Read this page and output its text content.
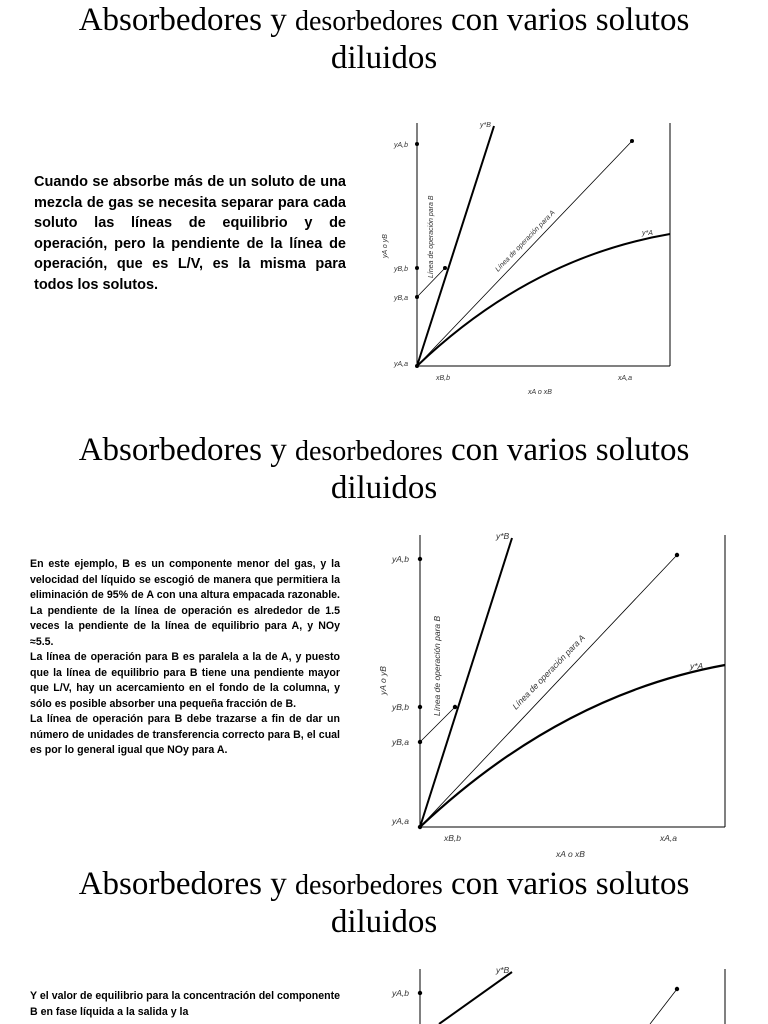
Absorbedores y desorbedores con varios solutos
diluidos

Cuando se absorbe más de un soluto de una mezcla de gas se necesita separar para cada soluto las líneas de equilibrio y de operación, pero la pendiente de la línea de operación, que es L/V, es la misma para todos los solutos.

yA,b
yB,b
yB,a
yA,a
xB,b	xA,a
xA o xB
yA o yB
y*B
y*A
Línea de operación para A
Línea de operación para B
Absorbedores y desorbedores con varios solutos
diluidos

En este ejemplo, B es un componente menor del gas, y la velocidad del líquido se escogió de manera que permitiera la eliminación de 95% de A con una altura empacada razonable. La pendiente de la línea de operación es alrededor de 1.5 veces la pendiente de la línea de equilibrio para A, y NOy ≈5.5.

La línea de operación para B es paralela a la de A, y puesto que la línea de equilibrio para B tiene una pendiente mayor que L/V, hay un acercamiento en el fondo de la columna, y sólo es posible absorber una pequeña fracción de B.

La línea de operación para B debe trazarse a fin de dar un número de unidades de transferencia correcto para B, el cual es por lo general igual que NOy para A.

yA,b
yB,b
yB,a
yA,a
xB,b	xA,a
xA o xB
yA o yB
y*B
y*A
Línea de operación para A
Línea de operación para B
Absorbedores y desorbedores con varios solutos
diluidos

Y el valor de equilibrio para la concentración del componente B en fase líquida a la salida y la

yA,b
y*B
